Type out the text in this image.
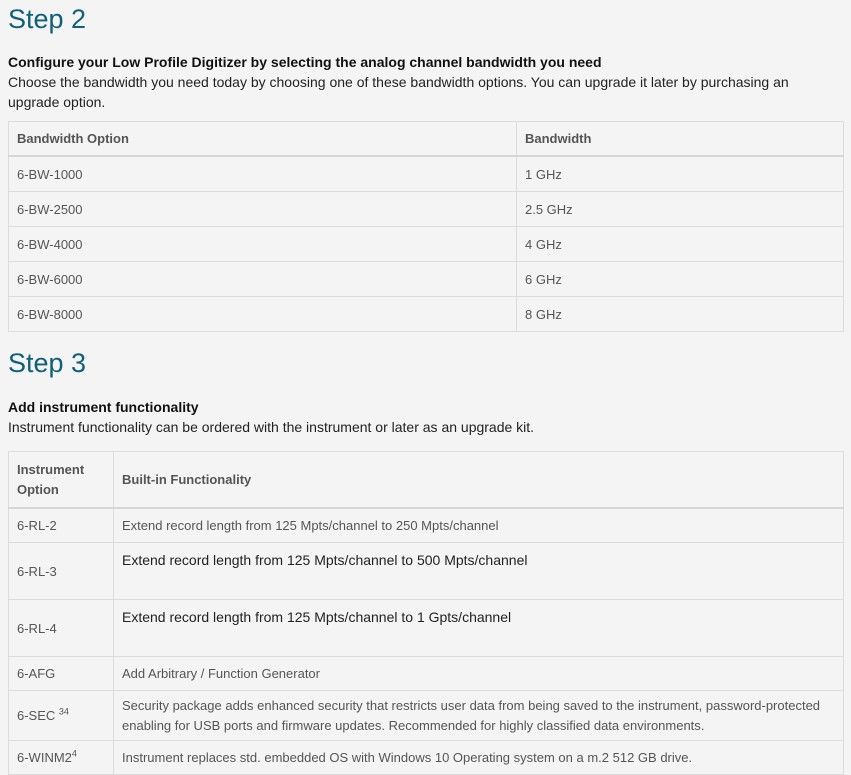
Step 2
Configure your Low Profile Digitizer by selecting the analog channel bandwidth you need
Choose the bandwidth you need today by choosing one of these bandwidth options. You can upgrade it later by purchasing an upgrade option.
Bandwidth Option	Bandwidth
6-BW-1000	1 GHz
6-BW-2500	2.5 GHz
6-BW-4000	4 GHz
6-BW-6000	6 GHz
6-BW-8000	8 GHz
Step 3
Add instrument functionality
Instrument functionality can be ordered with the instrument or later as an upgrade kit.
Instrument Option	Built-in Functionality
6-RL-2	Extend record length from 125 Mpts/channel to 250 Mpts/channel
6-RL-3	Extend record length from 125 Mpts/channel to 500 Mpts/channel
6-RL-4	Extend record length from 125 Mpts/channel to 1 Gpts/channel
6-AFG	Add Arbitrary / Function Generator
6-SEC $^{34}$	Security package adds enhanced security that restricts user data from being saved to the instrument, password-protected enabling for USB ports and firmware updates. Recommended for highly classified data environments.
$6-WINM2^4$	Instrument replaces std. embedded OS with Windows 10 Operating system on a m.2 512 GB drive.
